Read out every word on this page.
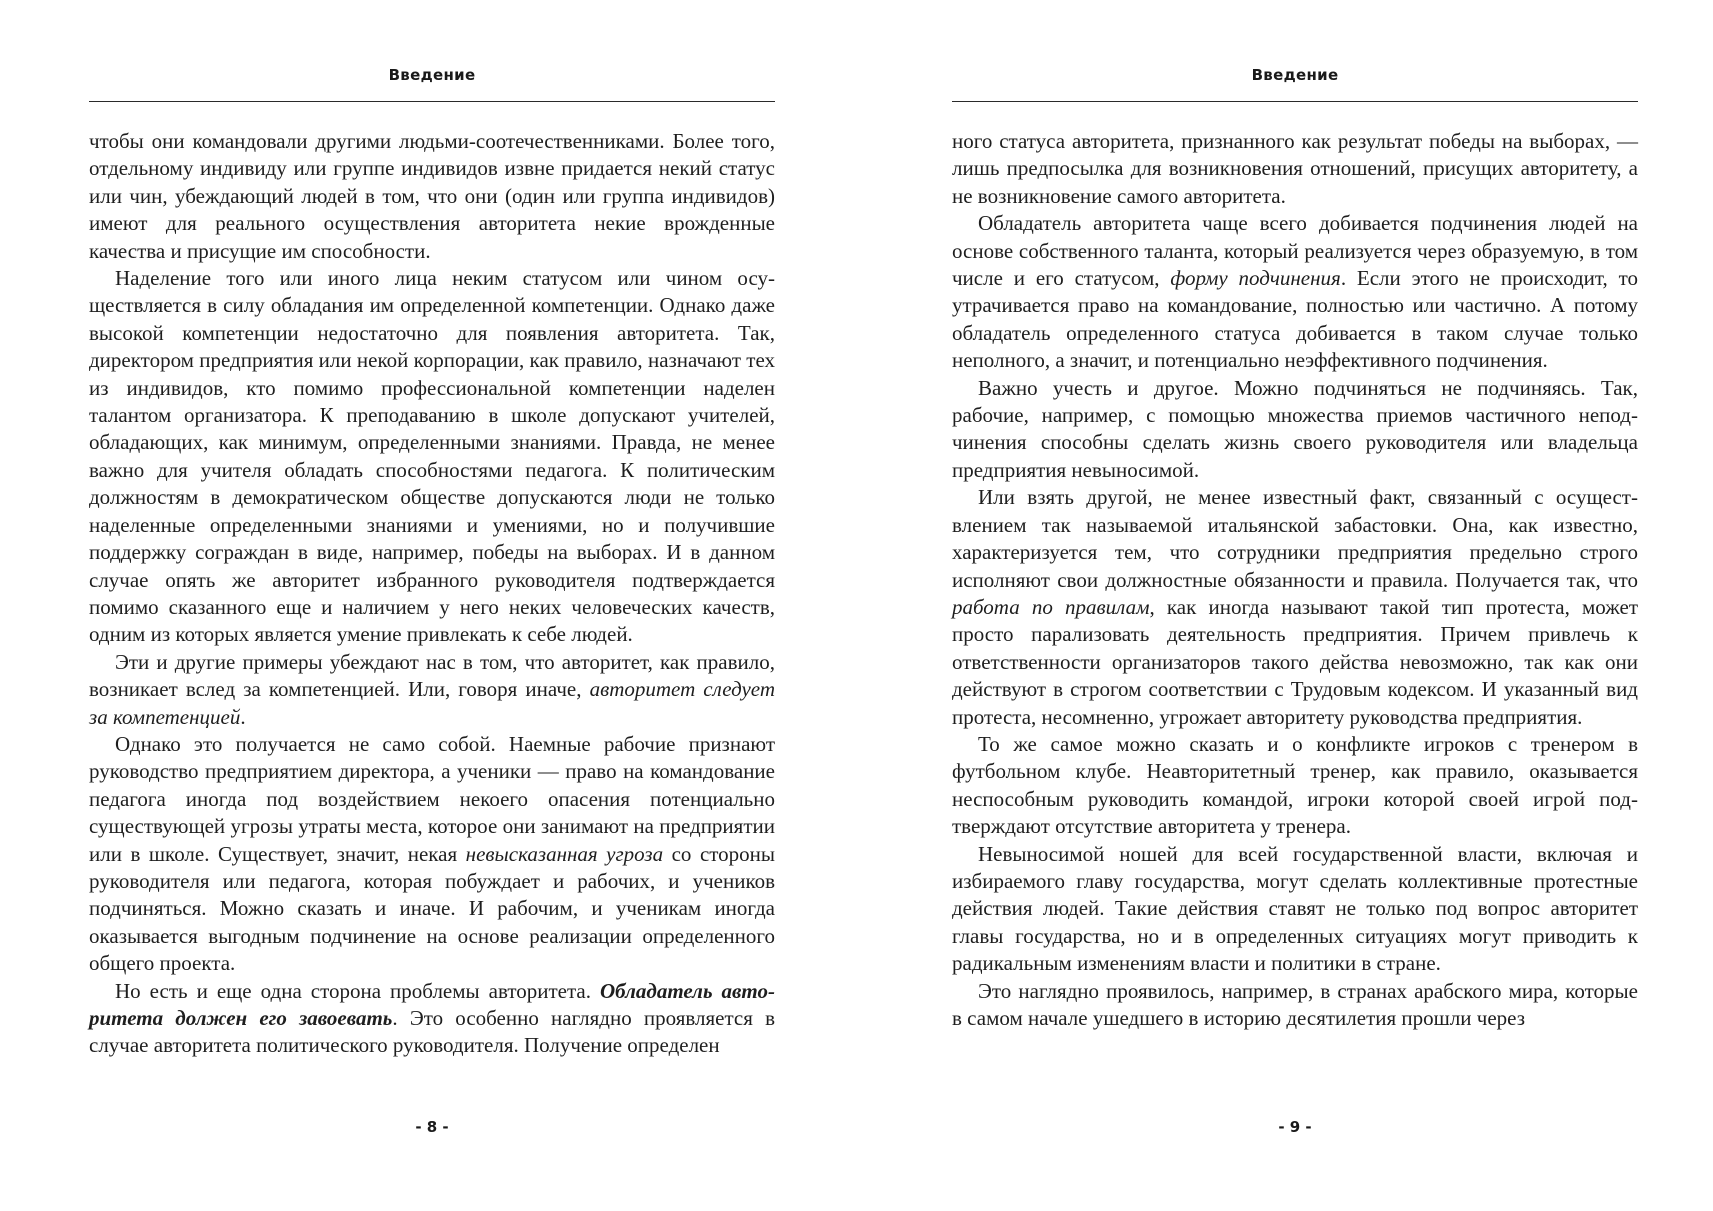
Введение

чтобы они командовали другими людьми-соотечественниками. Более того, отдельному индивиду или группе индивидов извне придается некий статус или чин, убеждающий людей в том, что они (один или группа индивидов) имеют для реального осуществления авторитета некие врожденные качества и присущие им способности.

Наделение того или иного лица неким статусом или чином осуществляется в силу обладания им определенной компетенции. Однако даже высокой компетенции недостаточно для появления авторитета. Так, директором предприятия или некой корпорации, как правило, назначают тех из индивидов, кто помимо профессиональной компетенции наделен талантом организатора. К преподаванию в школе допускают учителей, обладающих, как минимум, определенными знаниями. Правда, не менее важно для учителя обладать способностями педагога. К политическим должностям в демократическом обществе допускаются люди не только наделенные определенными знаниями и умениями, но и получившие поддержку сограждан в виде, например, победы на выборах. И в данном случае опять же авторитет избранного руководителя подтверждается помимо сказанного еще и наличием у него неких человеческих качеств, одним из которых является умение привлекать к себе людей.

Эти и другие примеры убеждают нас в том, что авторитет, как правило, возникает вслед за компетенцией. Или, говоря иначе, авторитет следует за компетенцией.

Однако это получается не само собой. Наемные рабочие признают руководство предприятием директора, а ученики — право на командование педагога иногда под воздействием некоего опасения потенциально существующей угрозы утраты места, которое они занимают на предприятии или в школе. Существует, значит, некая невысказанная угроза со стороны руководителя или педагога, которая побуждает и рабочих, и учеников подчиняться. Можно сказать и иначе. И рабочим, и ученикам иногда оказывается выгодным подчинение на основе реализации определенного общего проекта.

Но есть и еще одна сторона проблемы авторитета. Обладатель авторитета должен его завоевать. Это особенно наглядно проявляется в случае авторитета политического руководителя. Получение определен

- 8 -
Введение

ного статуса авторитета, признанного как результат победы на выборах, — лишь предпосылка для возникновения отношений, присущих авторитету, а не возникновение самого авторитета.

Обладатель авторитета чаще всего добивается подчинения людей на основе собственного таланта, который реализуется через образуемую, в том числе и его статусом, форму подчинения. Если этого не происходит, то утрачивается право на командование, полностью или частично. А потому обладатель определенного статуса добивается в таком случае только неполного, а значит, и потенциально неэффективного подчинения.

Важно учесть и другое. Можно подчиняться не подчиняясь. Так, рабочие, например, с помощью множества приемов частичного неподчинения способны сделать жизнь своего руководителя или владельца предприятия невыносимой.

Или взять другой, не менее известный факт, связанный с осуществлением так называемой итальянской забастовки. Она, как известно, характеризуется тем, что сотрудники предприятия предельно строго исполняют свои должностные обязанности и правила. Получается так, что работа по правилам, как иногда называют такой тип протеста, может просто парализовать деятельность предприятия. Причем привлечь к ответственности организаторов такого действа невозможно, так как они действуют в строгом соответствии с Трудовым кодексом. И указанный вид протеста, несомненно, угрожает авторитету руководства предприятия.

То же самое можно сказать и о конфликте игроков с тренером в футбольном клубе. Неавторитетный тренер, как правило, оказывается неспособным руководить командой, игроки которой своей игрой подтверждают отсутствие авторитета у тренера.

Невыносимой ношей для всей государственной власти, включая и избираемого главу государства, могут сделать коллективные протестные действия людей. Такие действия ставят не только под вопрос авторитет главы государства, но и в определенных ситуациях могут приводить к радикальным изменениям власти и политики в стране.

Это наглядно проявилось, например, в странах арабского мира, которые в самом начале ушедшего в историю десятилетия прошли через

- 9 -
